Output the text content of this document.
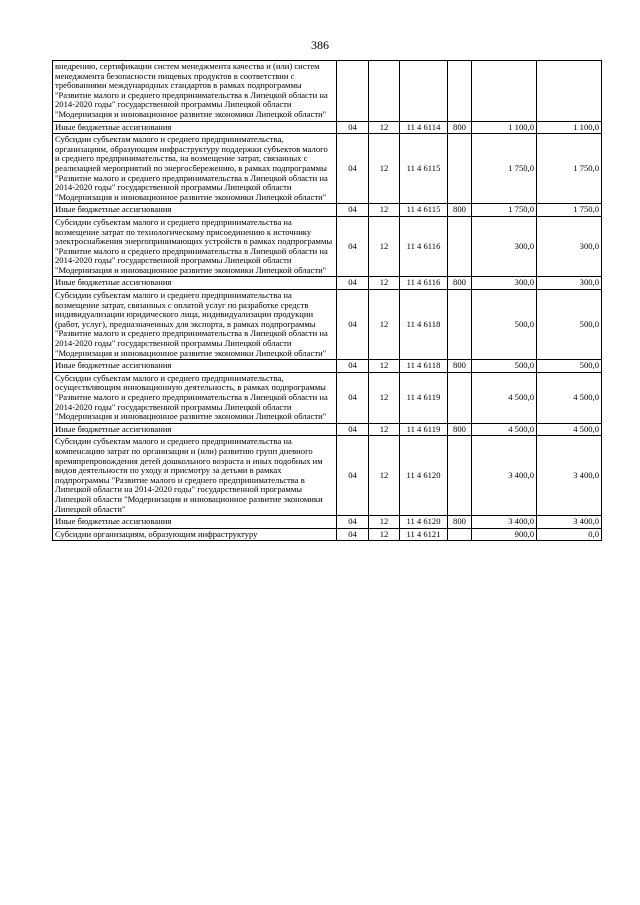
386
внедрению, сертификации систем менеджмента качества и (или) систем менеджмента безопасности пищевых продуктов в соответствии с требованиями международных стандартов в рамках подпрограммы "Развитие малого и среднего предпринимательства в Липецкой области на 2014-2020 годы" государственной программы Липецкой области "Модернизация и инновационное развитие экономики Липецкой области"						
Иные бюджетные ассигнования	04	12	11 4 6114	800	1 100,0	1 100,0
Субсидии субъектам малого и среднего предпринимательства, организациям, образующим инфраструктуру поддержки субъектов малого и среднего предпринимательства, на возмещение затрат, связанных с реализацией мероприятий по энергосбережению, в рамках подпрограммы "Развитие малого и среднего предпринимательства в Липецкой области на 2014-2020 годы" государственной программы Липецкой области "Модернизация и инновационное развитие экономики Липецкой области"	04	12	11 4 6115		1 750,0	1 750,0
Иные бюджетные ассигнования	04	12	11 4 6115	800	1 750,0	1 750,0
Субсидии субъектам малого и среднего предпринимательства на возмещение затрат по технологическому присоединению к источнику электроснабжения энергопринимающих устройств в рамках подпрограммы "Развитие малого и среднего предпринимательства в Липецкой области на 2014-2020 годы" государственной программы Липецкой области "Модернизация и инновационное развитие экономики Липецкой области"	04	12	11 4 6116		300,0	300,0
Иные бюджетные ассигнования	04	12	11 4 6116	800	300,0	300,0
Субсидии субъектам малого и среднего предпринимательства на возмещение затрат, связанных с оплатой услуг по разработке средств индивидуализации юридического лица, индивидуализации продукции (работ, услуг), предназначенных для экспорта, в рамках подпрограммы "Развитие малого и среднего предпринимательства в Липецкой области на 2014-2020 годы" государственной программы Липецкой области "Модернизация и инновационное развитие экономики Липецкой области"	04	12	11 4 6118		500,0	500,0
Иные бюджетные ассигнования	04	12	11 4 6118	800	500,0	500,0
Субсидии субъектам малого и среднего предпринимательства, осуществляющим инновационную деятельность, в рамках подпрограммы "Развитие малого и среднего предпринимательства в Липецкой области на 2014-2020 годы" государственной программы Липецкой области "Модернизация и инновационное развитие экономики Липецкой области"	04	12	11 4 6119		4 500,0	4 500,0
Иные бюджетные ассигнования	04	12	11 4 6119	800	4 500,0	4 500,0
Субсидии субъектам малого и среднего предпринимательства на компенсацию затрат по организации и (или) развитию групп дневного времяпрепровождения детей дошкольного возраста и иных подобных им видов деятельности по уходу и присмотру за детьми в рамках подпрограммы "Развитие малого и среднего предпринимательства в Липецкой области на 2014-2020 годы" государственной программы Липецкой области "Модернизация и инновационное развитие экономики Липецкой области"	04	12	11 4 6120		3 400,0	3 400,0
Иные бюджетные ассигнования	04	12	11 4 6120	800	3 400,0	3 400,0
Субсидии организациям, образующим инфраструктуру	04	12	11 4 6121		900,0	0,0
